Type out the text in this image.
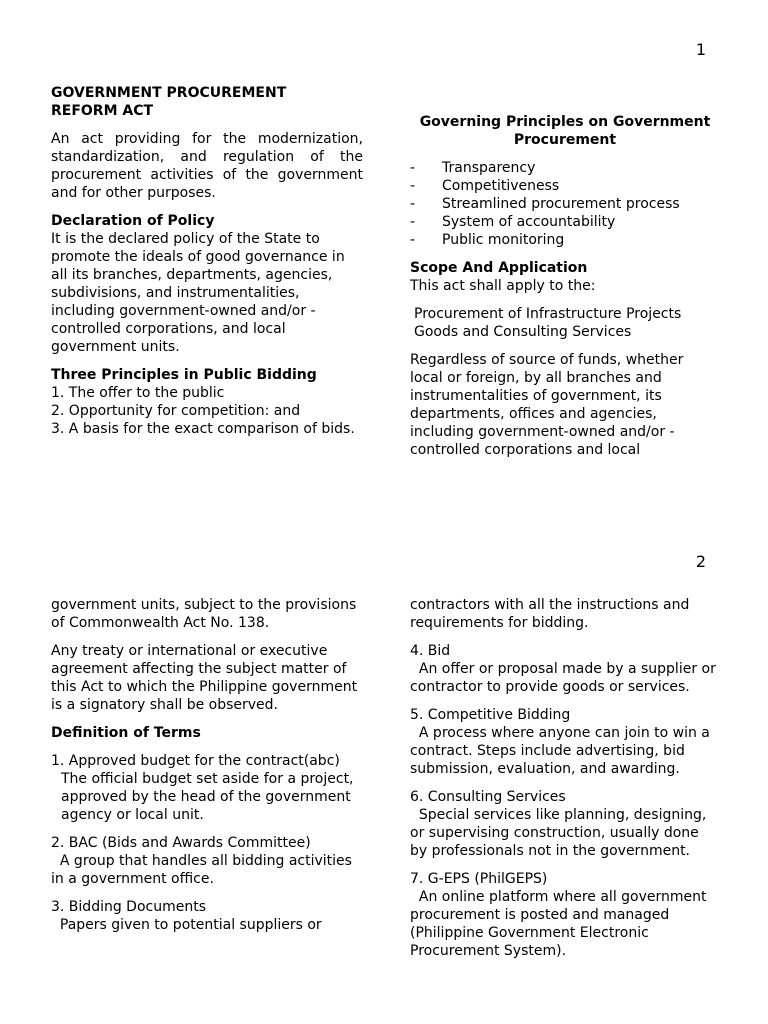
1

GOVERNMENT PROCUREMENT REFORM ACT

An act providing for the modernization, standardization, and regulation of the procurement activities of the government and for other purposes.

Declaration of Policy

It is the declared policy of the State to promote the ideals of good governance in all its branches, departments, agencies, subdivisions, and instrumentalities, including government-owned and/or -controlled corporations, and local government units.

Three Principles in Public Bidding

1. The offer to the public

2. Opportunity for competition: and

3. A basis for the exact comparison of bids.

Governing Principles on Government Procurement

-	Transparency
-	Competitiveness
-	Streamlined procurement process
-	System of accountability
-	Public monitoring

Scope And Application

This act shall apply to the:

Procurement of Infrastructure Projects

Goods and Consulting Services

Regardless of source of funds, whether local or foreign, by all branches and instrumentalities of government, its departments, offices and agencies, including government-owned and/or -controlled corporations and local

2

government units, subject to the provisions of Commonwealth Act No. 138.

Any treaty or international or executive agreement affecting the subject matter of this Act to which the Philippine government is a signatory shall be observed.

Definition of Terms

1. Approved budget for the contract(abc)

The official budget set aside for a project, approved by the head of the government agency or local unit.

2. BAC (Bids and Awards Committee)

A group that handles all bidding activities in a government office.

3. Bidding Documents

Papers given to potential suppliers or

contractors with all the instructions and requirements for bidding.

4. Bid

An offer or proposal made by a supplier or contractor to provide goods or services.

5. Competitive Bidding

A process where anyone can join to win a contract. Steps include advertising, bid submission, evaluation, and awarding.

6. Consulting Services

Special services like planning, designing, or supervising construction, usually done by professionals not in the government.

7. G-EPS (PhilGEPS)

An online platform where all government procurement is posted and managed (Philippine Government Electronic Procurement System).
